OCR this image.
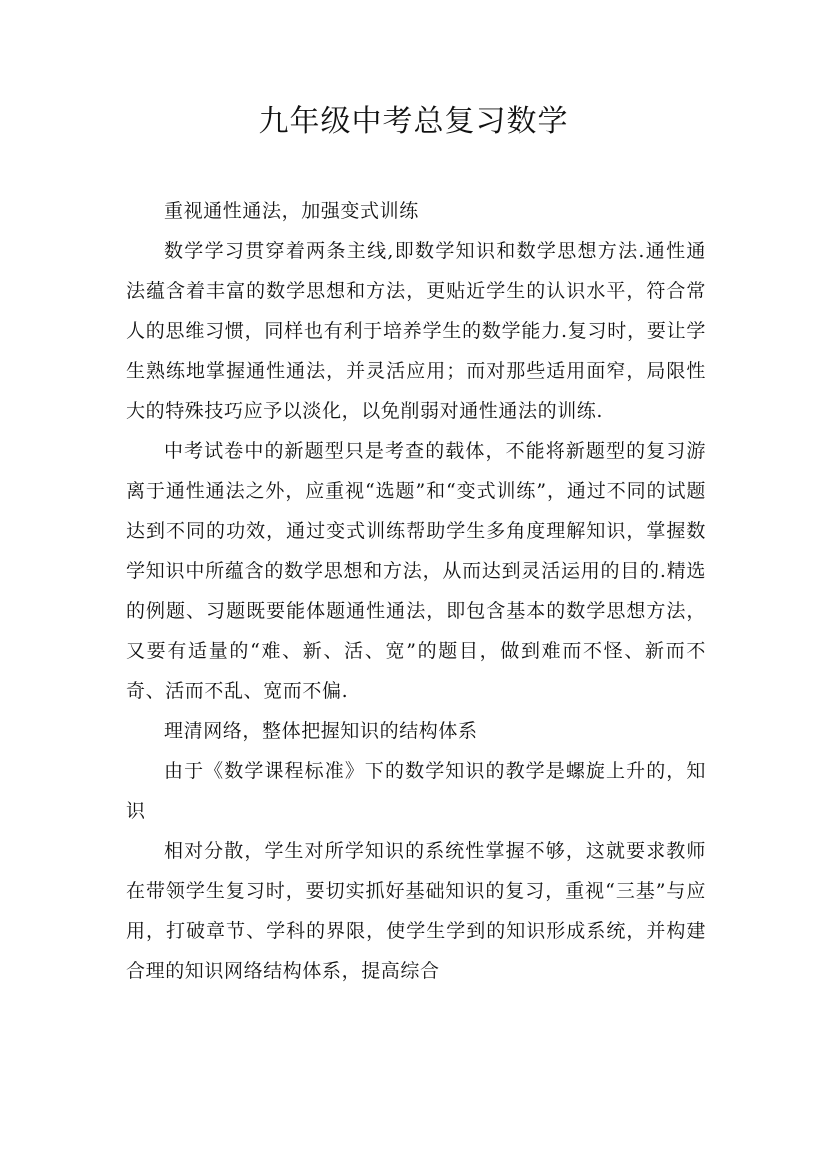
九年级中考总复习数学

重视通性通法，加强变式训练

数学学习贯穿着两条主线,即数学知识和数学思想方法.通性通法蕴含着丰富的数学思想和方法，更贴近学生的认识水平，符合常人的思维习惯，同样也有利于培养学生的数学能力.复习时，要让学生熟练地掌握通性通法，并灵活应用；而对那些适用面窄，局限性大的特殊技巧应予以淡化，以免削弱对通性通法的训练.

中考试卷中的新题型只是考查的载体，不能将新题型的复习游离于通性通法之外，应重视“选题”和“变式训练”，通过不同的试题达到不同的功效，通过变式训练帮助学生多角度理解知识，掌握数学知识中所蕴含的数学思想和方法，从而达到灵活运用的目的.精选的例题、习题既要能体题通性通法，即包含基本的数学思想方法，又要有适量的“难、新、活、宽”的题目，做到难而不怪、新而不奇、活而不乱、宽而不偏.

理清网络，整体把握知识的结构体系

由于《数学课程标准》下的数学知识的教学是螺旋上升的，知识

相对分散，学生对所学知识的系统性掌握不够，这就要求教师在带领学生复习时，要切实抓好基础知识的复习，重视“三基”与应用，打破章节、学科的界限，使学生学到的知识形成系统，并构建合理的知识网络结构体系，提高综合
